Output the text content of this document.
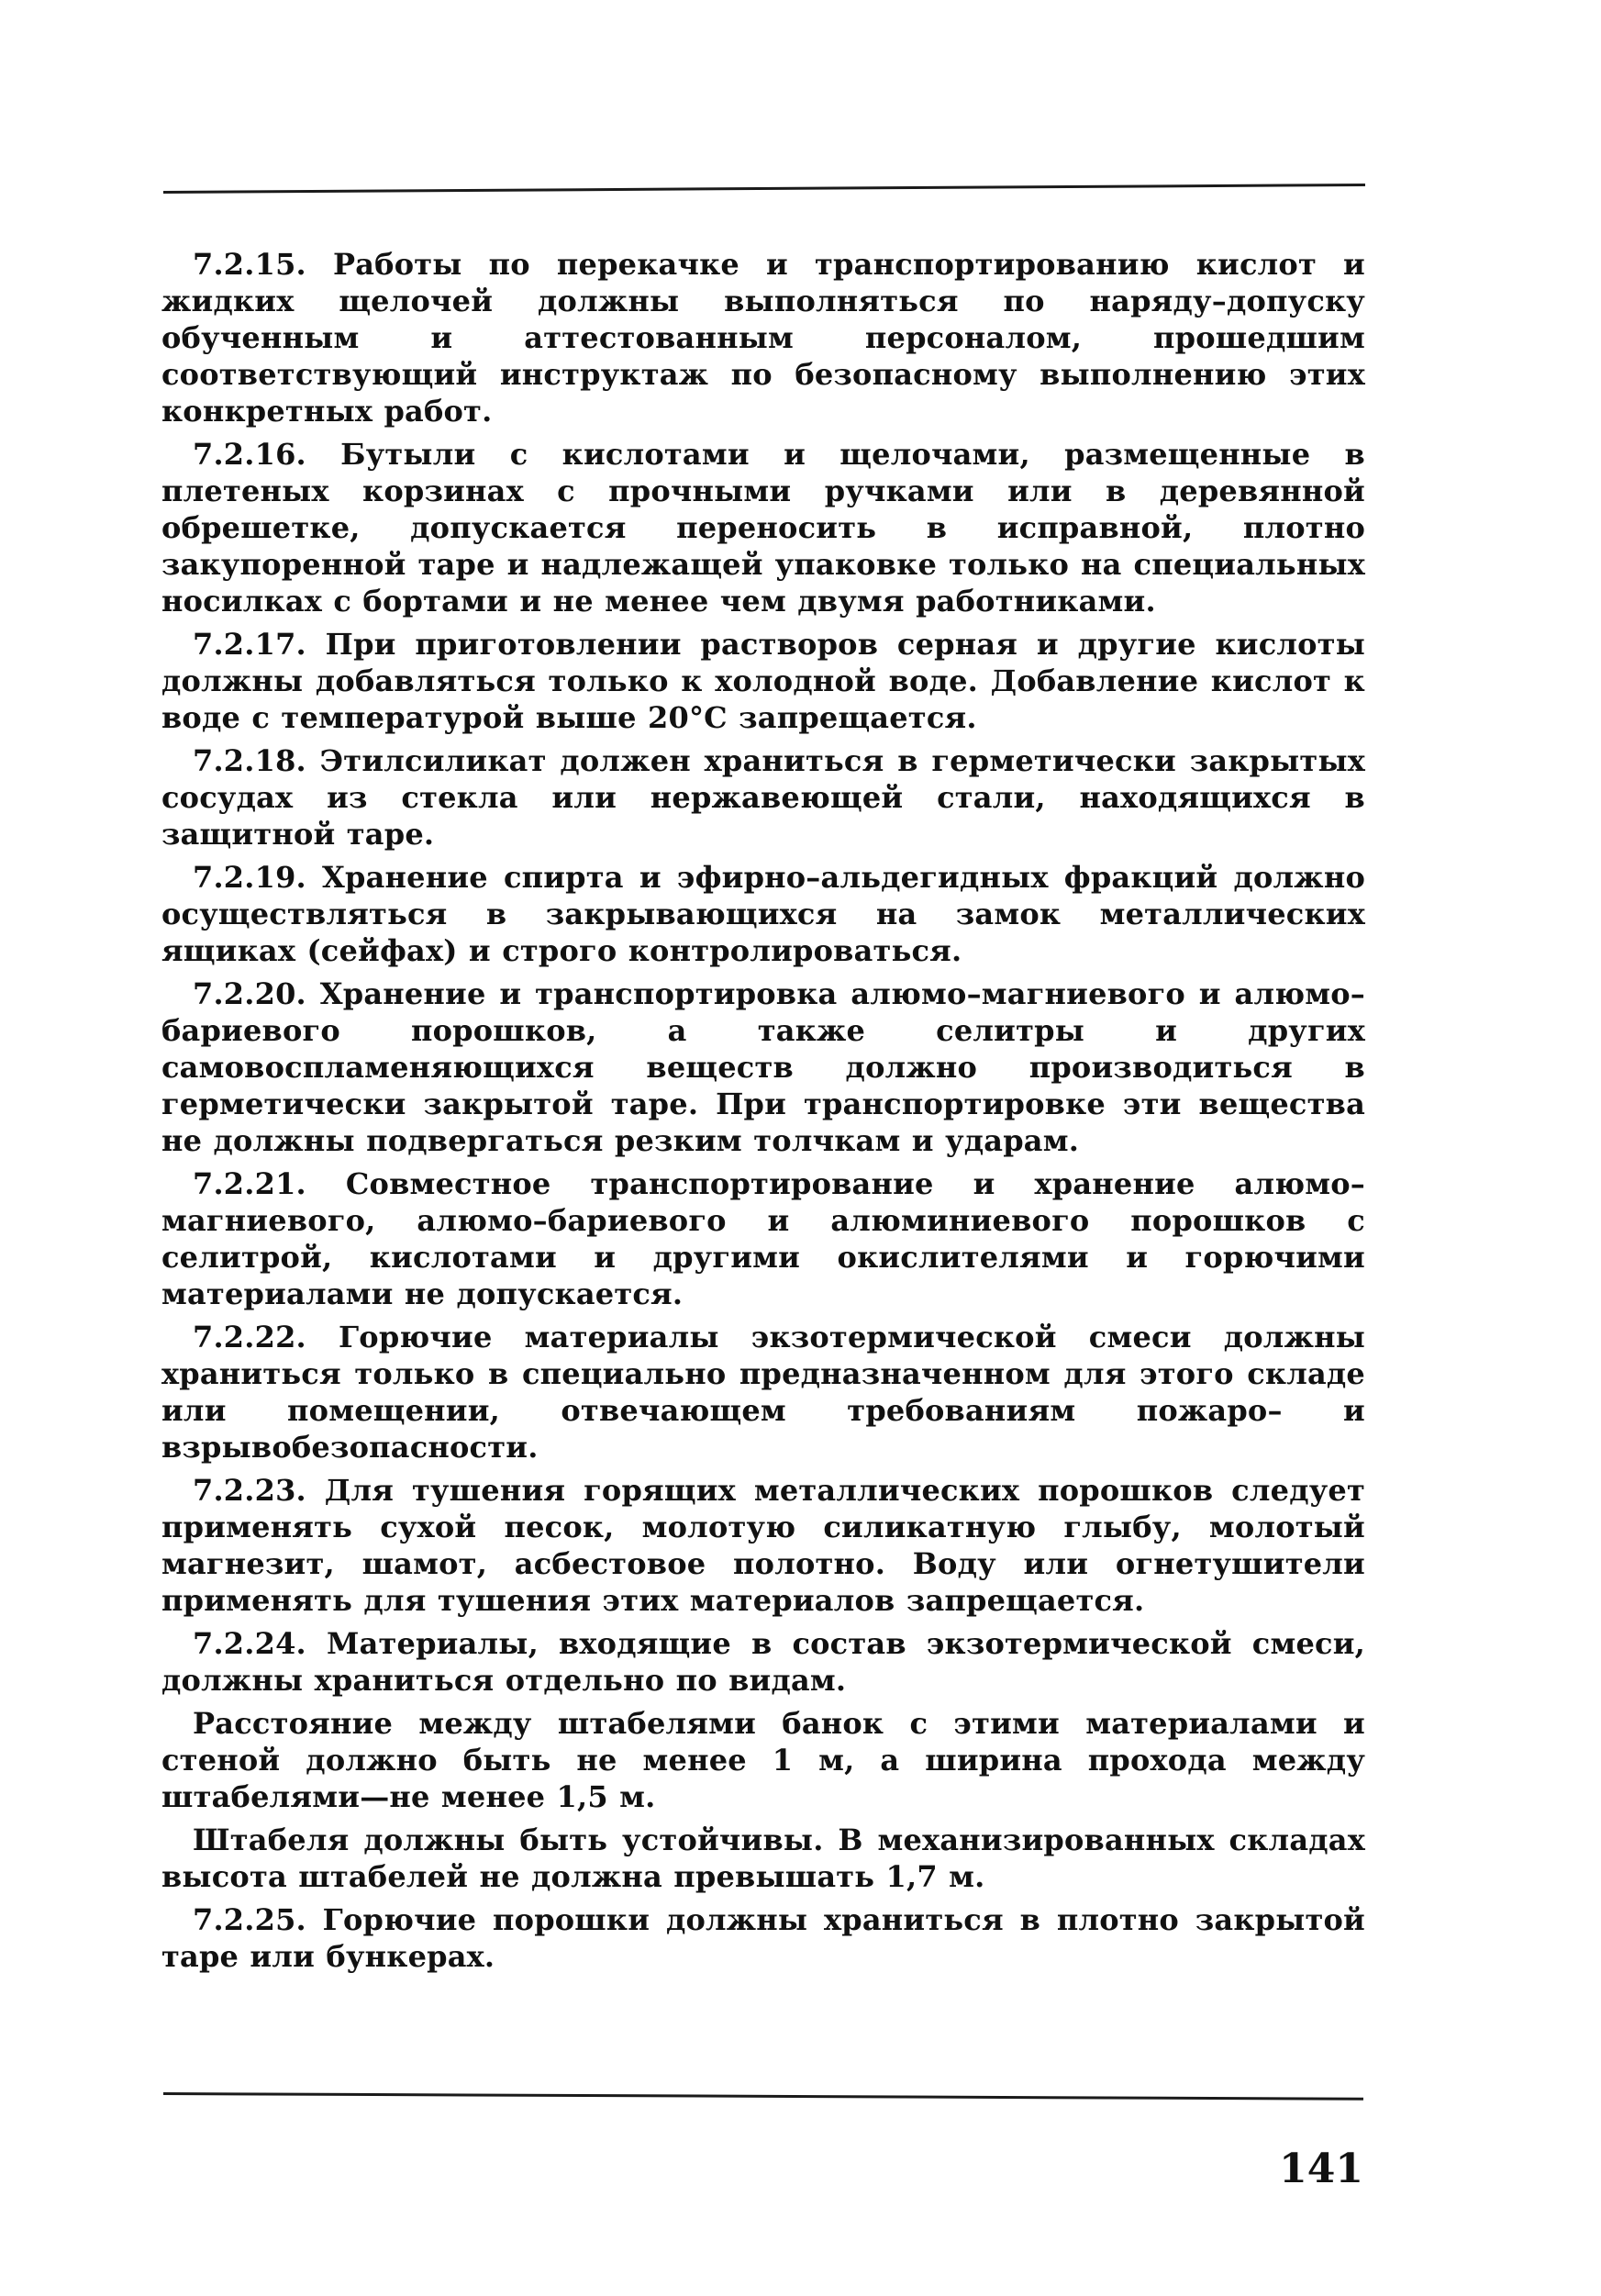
7.2.15. Работы по перекачке и транспортированию кислот и жидких щелочей должны выполняться по наряду–допуску обученным и аттестованным персоналом, прошедшим соответствующий инструктаж по безопасному выполнению этих конкретных работ.

7.2.16. Бутыли с кислотами и щелочами, размещенные в плетеных корзинах с прочными ручками или в деревянной обрешетке, допускается переносить в исправной, плотно закупоренной таре и надлежащей упаковке только на специальных носилках с бортами и не менее чем двумя работниками.

7.2.17. При приготовлении растворов серная и другие кислоты должны добавляться только к холодной воде. Добавление кислот к воде с температурой выше 20°С запрещается.

7.2.18. Этилсиликат должен храниться в герметически закрытых сосудах из стекла или нержавеющей стали, находящихся в защитной таре.

7.2.19. Хранение спирта и эфирно–альдегидных фракций должно осуществляться в закрывающихся на замок металлических ящиках (сейфах) и строго контролироваться.

7.2.20. Хранение и транспортировка алюмо–магниевого и алюмо–бариевого порошков, а также селитры и других самовоспламеняющихся веществ должно производиться в герметически закрытой таре. При транспортировке эти вещества не должны подвергаться резким толчкам и ударам.

7.2.21. Совместное транспортирование и хранение алюмо–магниевого, алюмо–бариевого и алюминиевого порошков с селитрой, кислотами и другими окислителями и горючими материалами не допускается.

7.2.22. Горючие материалы экзотермической смеси должны храниться только в специально предназначенном для этого складе или помещении, отвечающем требованиям пожаро– и взрывобезопасности.

7.2.23. Для тушения горящих металлических порошков следует применять сухой песок, молотую силикатную глыбу, молотый магнезит, шамот, асбестовое полотно. Воду или огнетушители применять для тушения этих материалов запрещается.

7.2.24. Материалы, входящие в состав экзотермической смеси, должны храниться отдельно по видам.

Расстояние между штабелями банок с этими материалами и стеной должно быть не менее 1 м, а ширина прохода между штабелями—не менее 1,5 м.

Штабеля должны быть устойчивы. В механизированных складах высота штабелей не должна превышать 1,7 м.

7.2.25. Горючие порошки должны храниться в плотно закрытой таре или бункерах.

141
